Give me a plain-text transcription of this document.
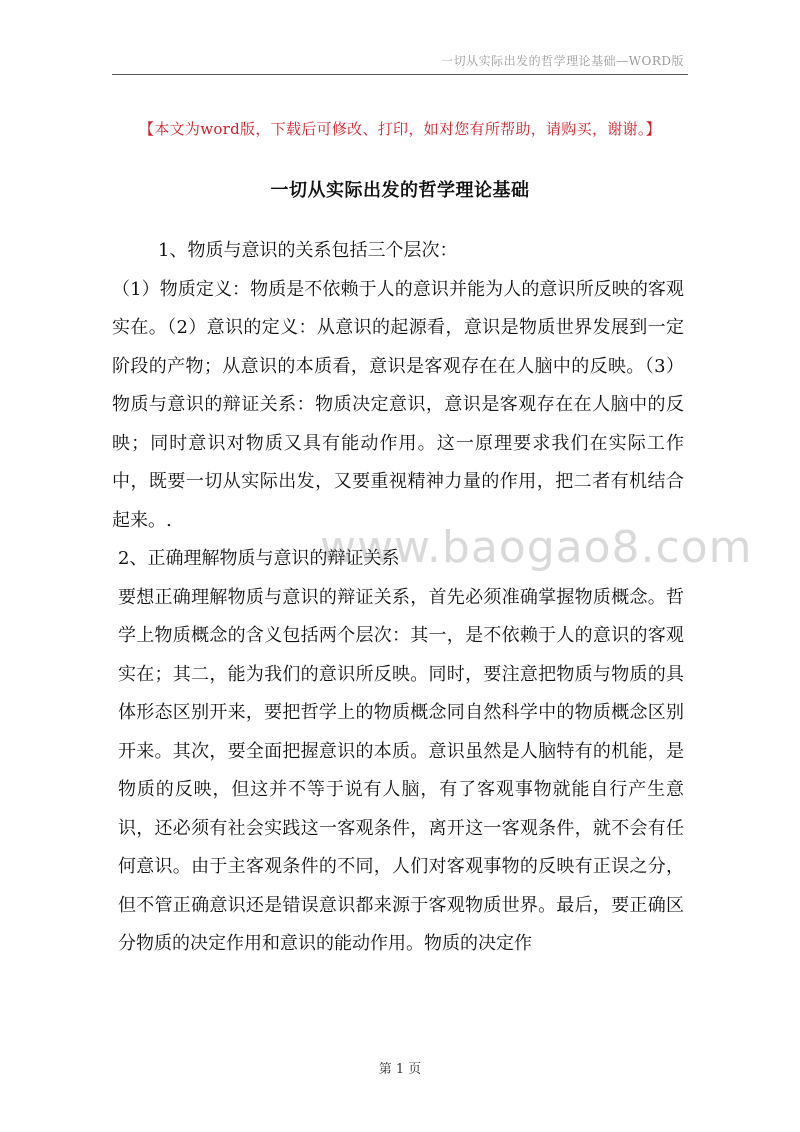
一切从实际出发的哲学理论基础—WORD版
【本文为word版，下载后可修改、打印，如对您有所帮助，请购买，谢谢。】
一切从实际出发的哲学理论基础
www.baogao8.com

1、物质与意识的关系包括三个层次：

（1）物质定义：物质是不依赖于人的意识并能为人的意识所反映的客观实在。（2）意识的定义：从意识的起源看，意识是物质世界发展到一定阶段的产物；从意识的本质看，意识是客观存在在人脑中的反映。（3）物质与意识的辩证关系：物质决定意识，意识是客观存在在人脑中的反映；同时意识对物质又具有能动作用。这一原理要求我们在实际工作中，既要一切从实际出发，又要重视精神力量的作用，把二者有机结合起来。.

2、正确理解物质与意识的辩证关系

要想正确理解物质与意识的辩证关系，首先必须准确掌握物质概念。哲学上物质概念的含义包括两个层次：其一，是不依赖于人的意识的客观实在；其二，能为我们的意识所反映。同时，要注意把物质与物质的具体形态区别开来，要把哲学上的物质概念同自然科学中的物质概念区别开来。其次，要全面把握意识的本质。意识虽然是人脑特有的机能，是物质的反映，但这并不等于说有人脑，有了客观事物就能自行产生意识，还必须有社会实践这一客观条件，离开这一客观条件，就不会有任何意识。由于主客观条件的不同，人们对客观事物的反映有正误之分，但不管正确意识还是错误意识都来源于客观物质世界。最后，要正确区分物质的决定作用和意识的能动作用。物质的决定作

第 1 页
